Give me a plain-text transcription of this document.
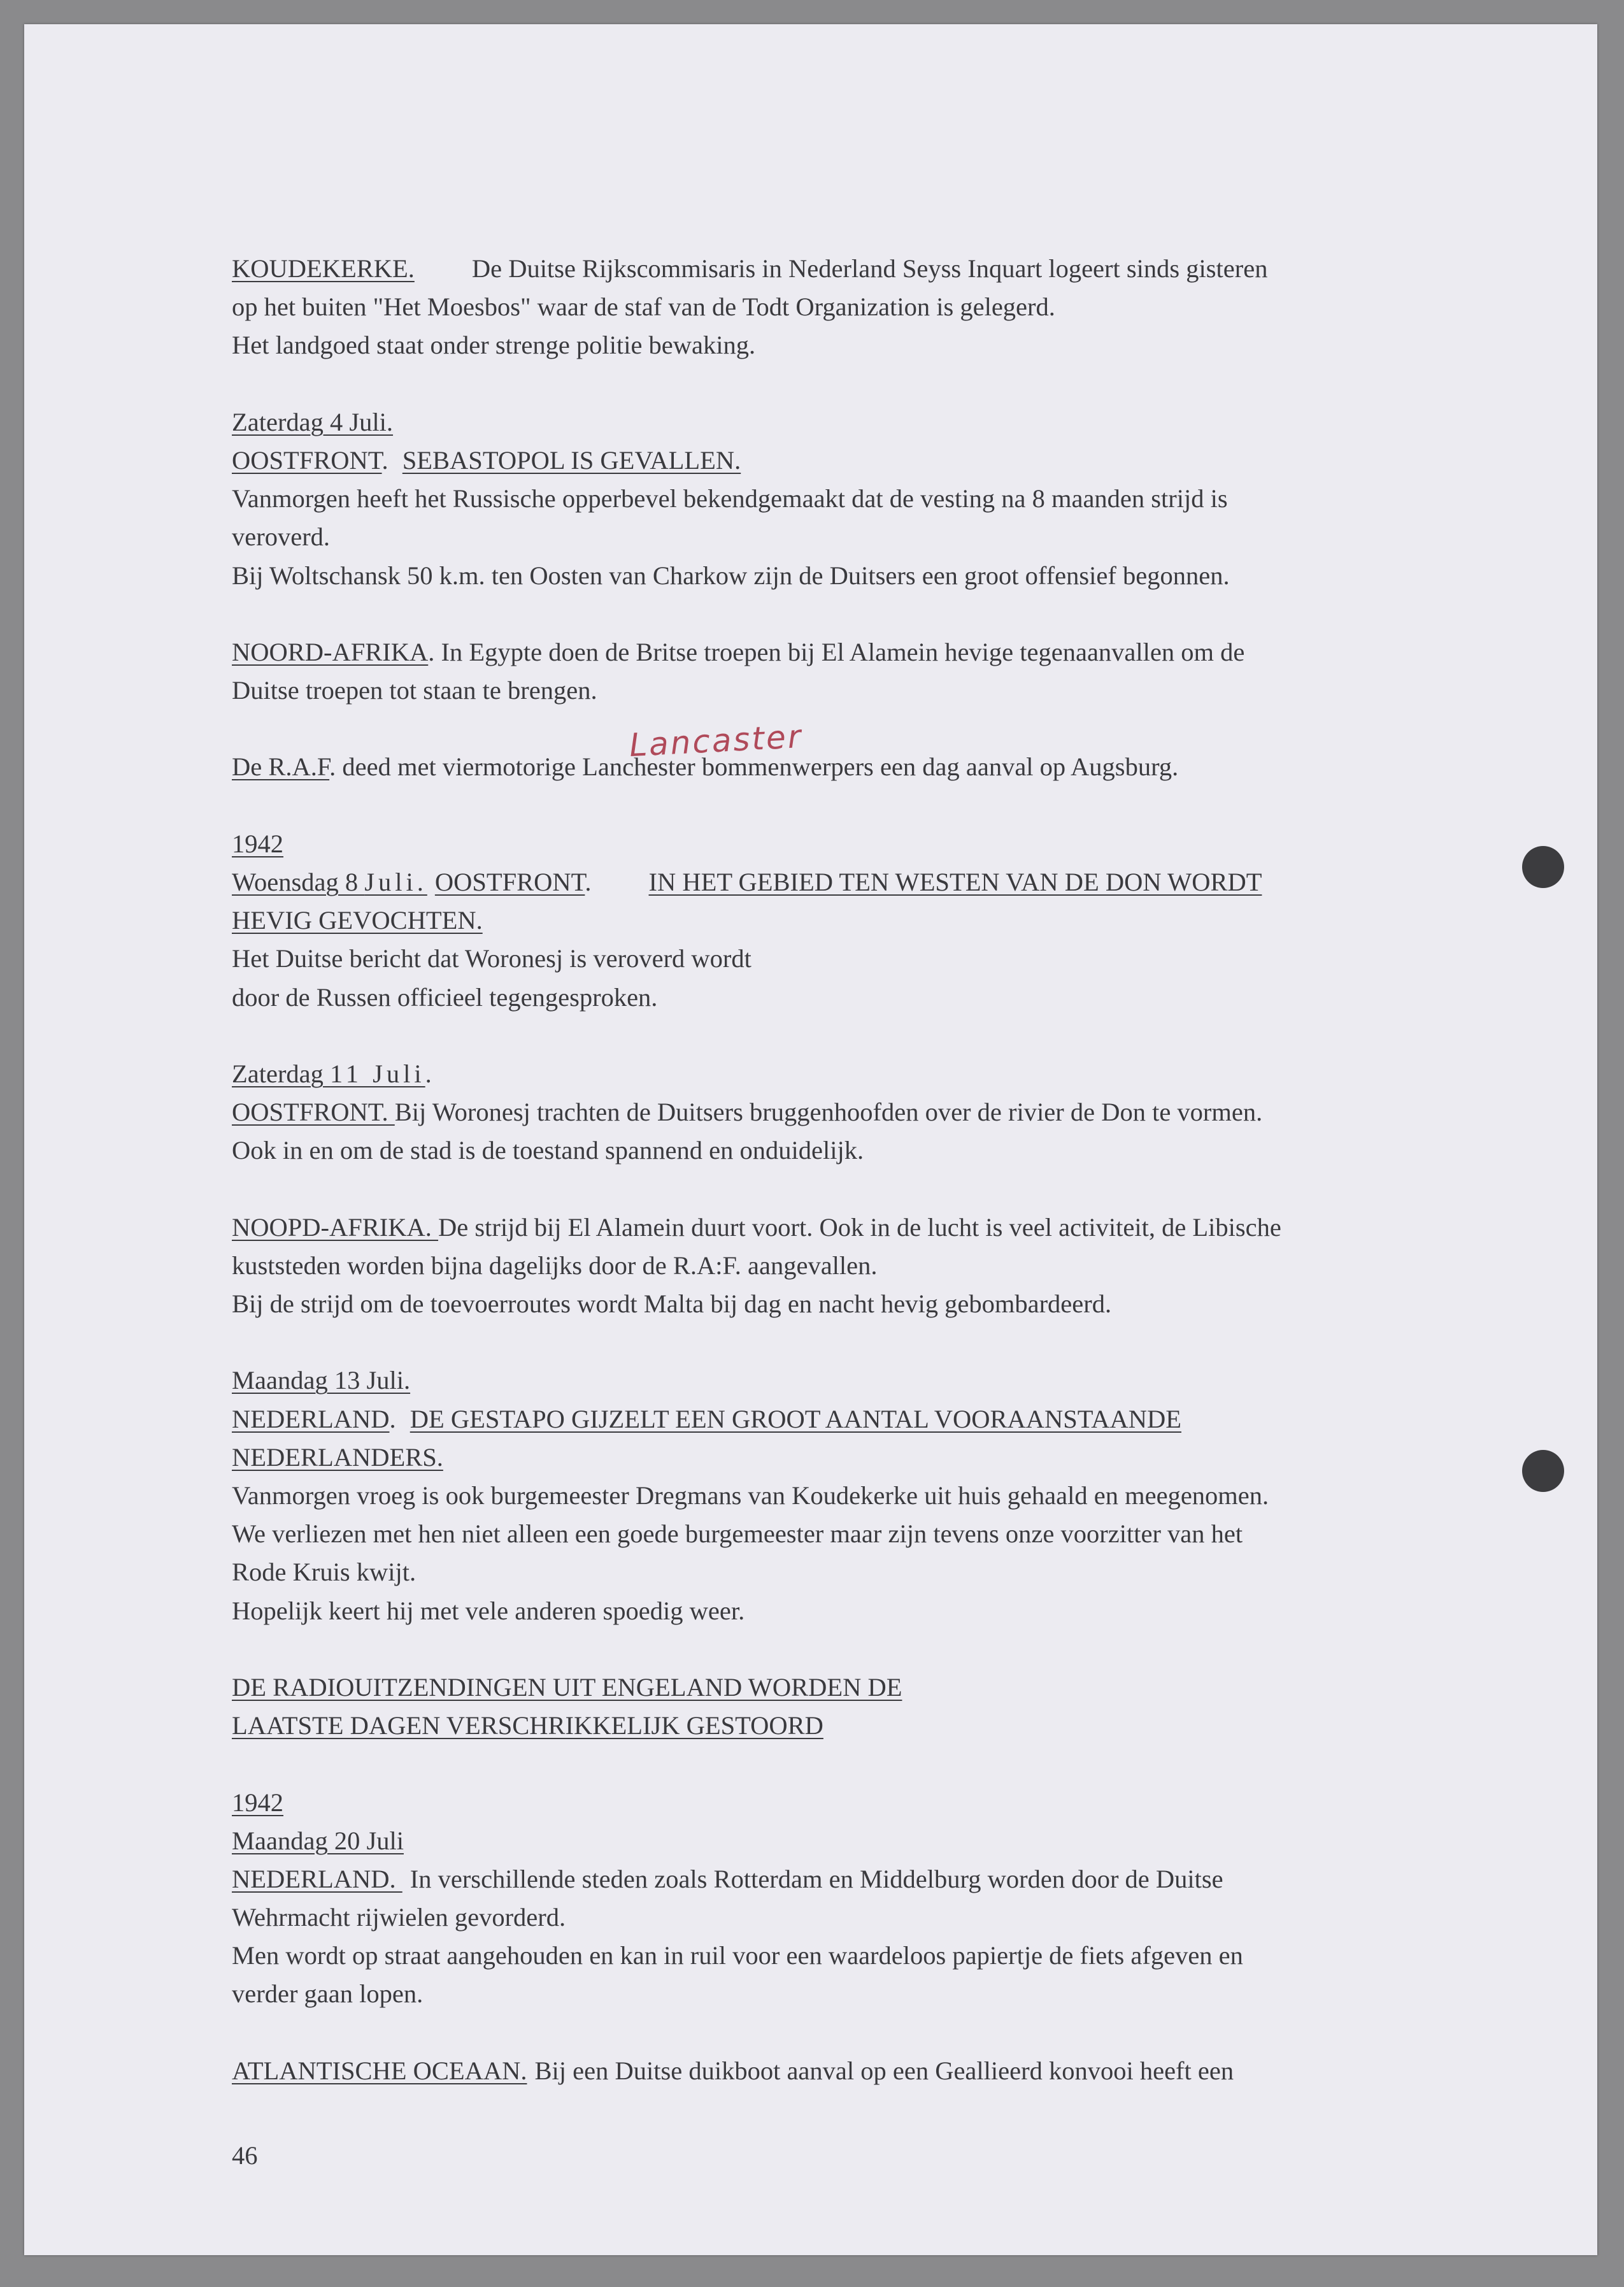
KOUDEKERKE. De Duitse Rijkscommisaris in Nederland Seyss Inquart logeert sinds gisteren
op het buiten "Het Moesbos" waar de staf van de Todt Organization is gelegerd.
Het landgoed staat onder strenge politie bewaking.
Zaterdag 4 Juli.
OOSTFRONT. SEBASTOPOL IS GEVALLEN.
Vanmorgen heeft het Russische opperbevel bekendgemaakt dat de vesting na 8 maanden strijd is
veroverd.
Bij Woltschansk 50 k.m. ten Oosten van Charkow zijn de Duitsers een groot offensief begonnen.
NOORD-AFRIKA. In Egypte doen de Britse troepen bij El Alamein hevige tegenaanvallen om de
Duitse troepen tot staan te brengen.
De R.A.F. deed met viermotorige Lanchester bommenwerpers een dag aanval op Augsburg.
1942
Woensdag 8 Juli. OOSTFRONT. IN HET GEBIED TEN WESTEN VAN DE DON WORDT
HEVIG GEVOCHTEN.
Het Duitse bericht dat Woronesj is veroverd wordt
door de Russen officieel tegengesproken.
Zaterdag 11 Juli.
OOSTFRONT. Bij Woronesj trachten de Duitsers bruggenhoofden over de rivier de Don te vormen.
Ook in en om de stad is de toestand spannend en onduidelijk.
NOOPD-AFRIKA. De strijd bij El Alamein duurt voort. Ook in de lucht is veel activiteit, de Libische
kuststeden worden bijna dagelijks door de R.A:F. aangevallen.
Bij de strijd om de toevoerroutes wordt Malta bij dag en nacht hevig gebombardeerd.
Maandag 13 Juli.
NEDERLAND. DE GESTAPO GIJZELT EEN GROOT AANTAL VOORAANSTAANDE
NEDERLANDERS.
Vanmorgen vroeg is ook burgemeester Dregmans van Koudekerke uit huis gehaald en meegenomen.
We verliezen met hen niet alleen een goede burgemeester maar zijn tevens onze voorzitter van het
Rode Kruis kwijt.
Hopelijk keert hij met vele anderen spoedig weer.
DE RADIOUITZENDINGEN UIT ENGELAND WORDEN DE
LAATSTE DAGEN VERSCHRIKKELIJK GESTOORD
1942
Maandag 20 Juli
NEDERLAND. In verschillende steden zoals Rotterdam en Middelburg worden door de Duitse
Wehrmacht rijwielen gevorderd.
Men wordt op straat aangehouden en kan in ruil voor een waardeloos papiertje de fiets afgeven en
verder gaan lopen.
ATLANTISCHE OCEAAN. Bij een Duitse duikboot aanval op een Geallieerd konvooi heeft een
Lancaster
46
